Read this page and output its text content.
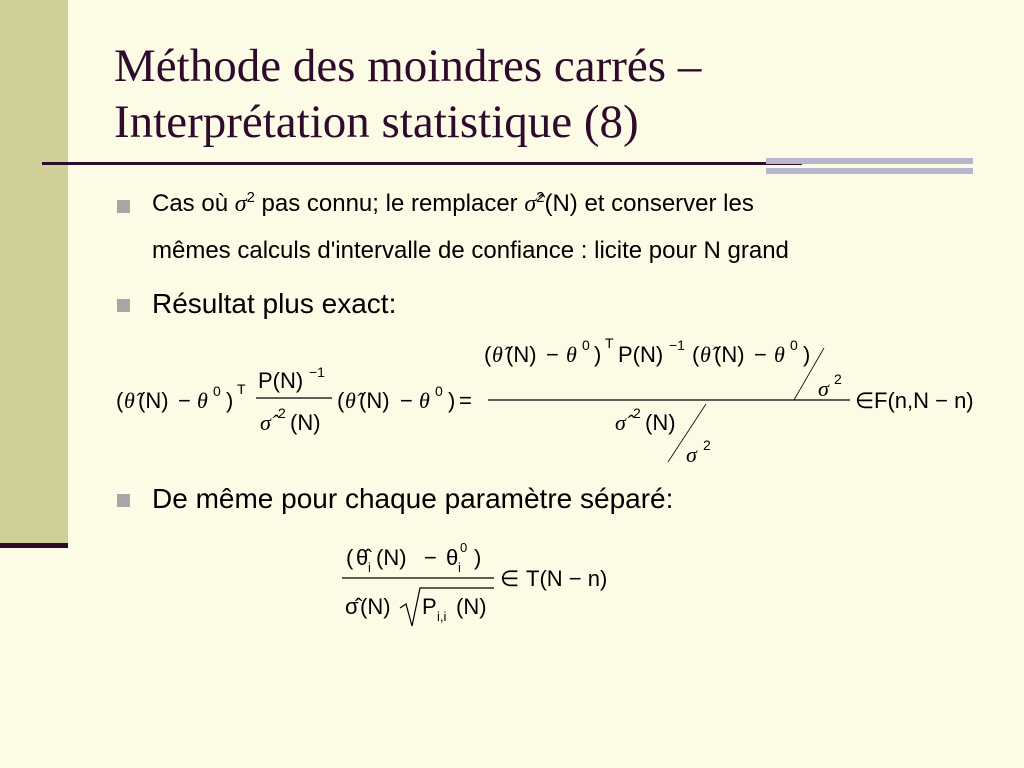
Méthode des moindres carrés –
Interprétation statistique (8)
Cas où $\sigma^2$ pas connu; le remplacer σ̂$^2$(N) et conserver les
mêmes calculs d'intervalle de confiance : licite pour N grand
Résultat plus exact:
( θ̂ (N) − θ 0 ) T P(N) −1
σ̂ 2 (N)
( θ̂ (N) − θ 0 ) =
( θ̂ (N) − θ 0 ) T P(N) −1 ( θ̂ (N) − θ 0 )
σ 2
σ̂ 2 (N)
σ 2
∈ F(n,N − n)
De même pour chaque paramètre séparé:
( θ̂ i (N) − θ i
0 )
σ̂ (N) P i,i (N)
∈ T(N − n)
